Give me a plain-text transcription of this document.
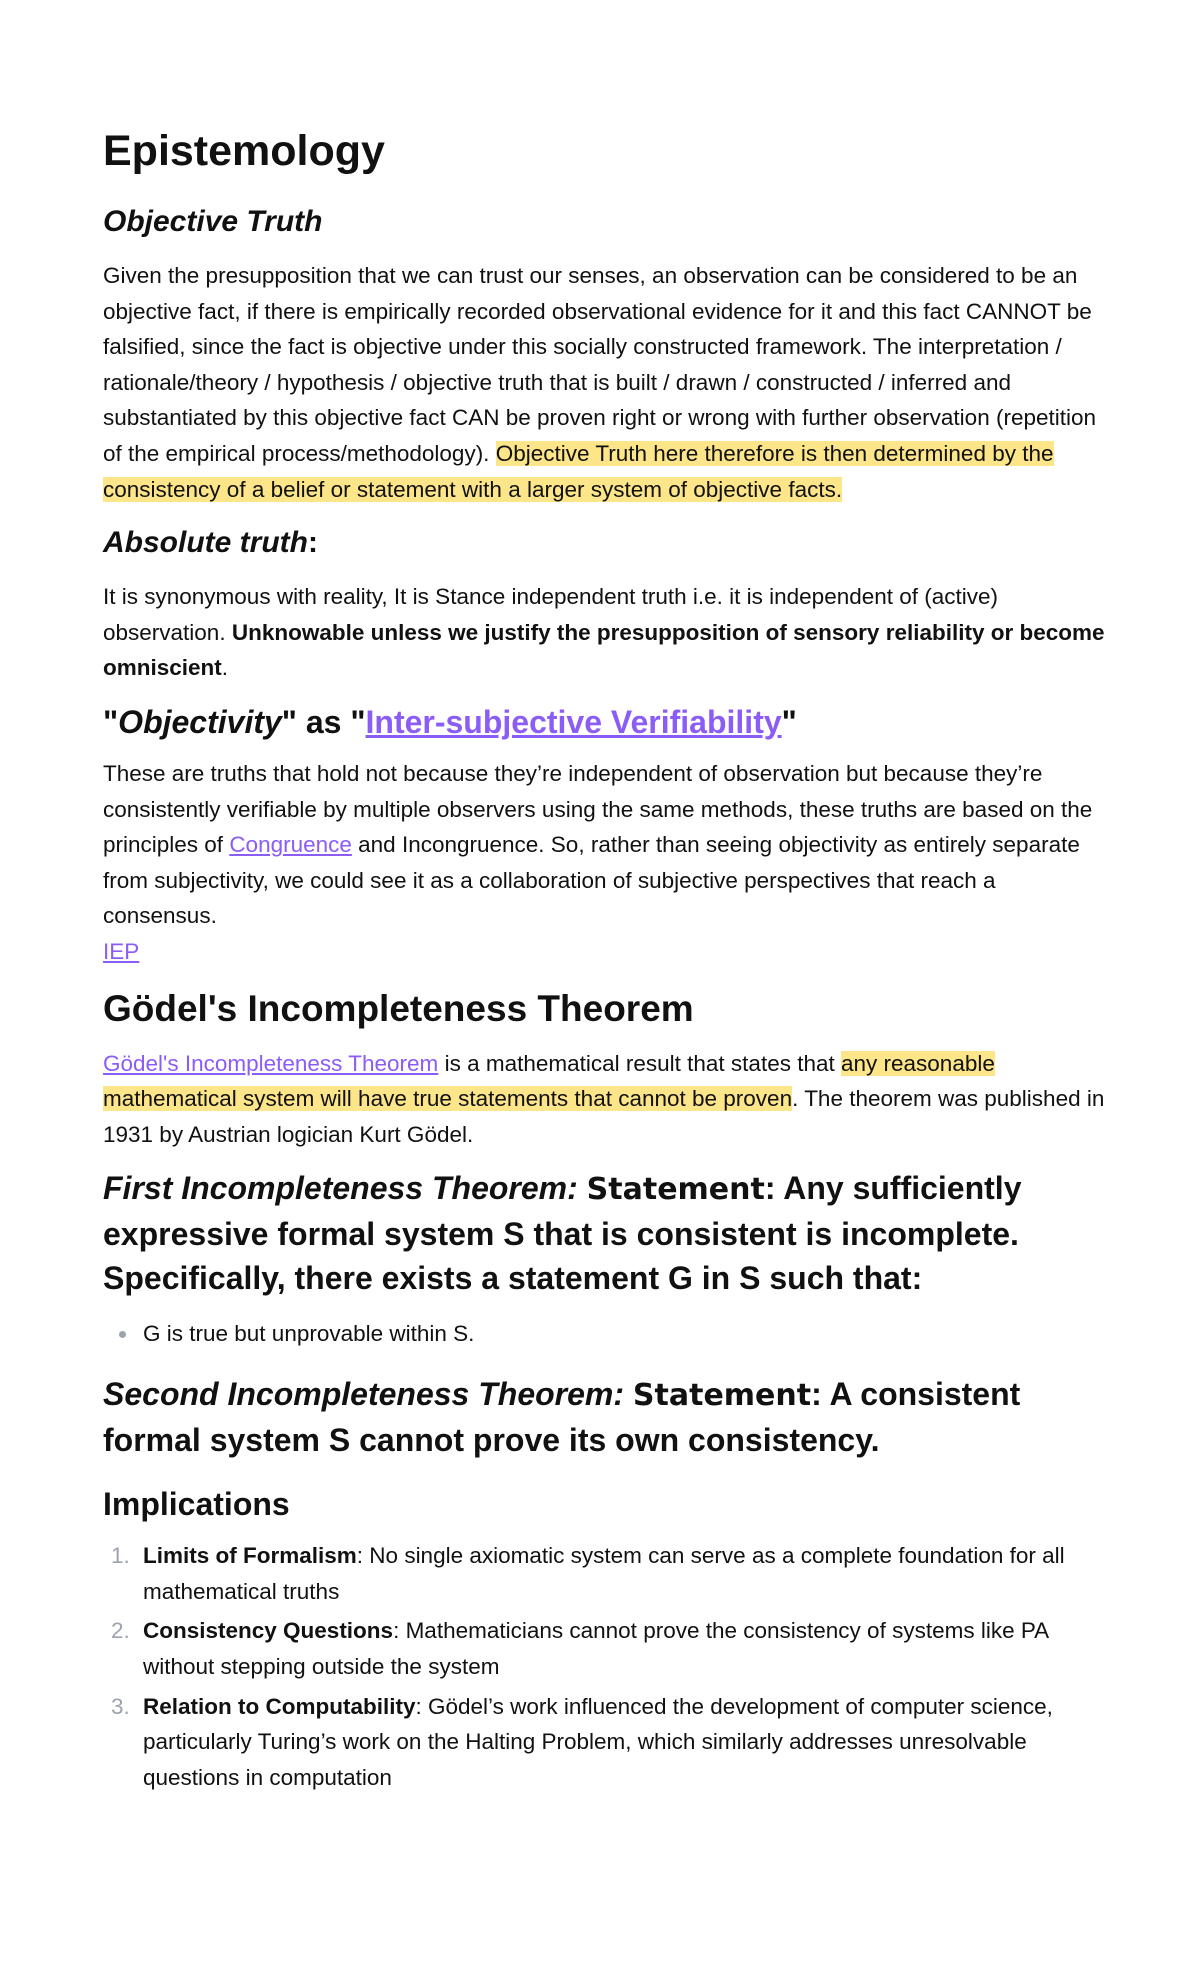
Epistemology
Objective Truth

Given the presupposition that we can trust our senses, an observation can be considered to be an objective fact, if there is empirically recorded observational evidence for it and this fact CANNOT be falsified, since the fact is objective under this socially constructed framework. The interpretation / rationale/theory / hypothesis / objective truth that is built / drawn / constructed / inferred and substantiated by this objective fact CAN be proven right or wrong with further observation (repetition of the empirical process/methodology). Objective Truth here therefore is then determined by the consistency of a belief or statement with a larger system of objective facts.

Absolute truth:

It is synonymous with reality, It is Stance independent truth i.e. it is independent of (active) observation. Unknowable unless we justify the presupposition of sensory reliability or become omniscient.

"Objectivity" as "Inter-subjective Verifiability"

These are truths that hold not because they’re independent of observation but because they’re consistently verifiable by multiple observers using the same methods, these truths are based on the principles of Congruence and Incongruence. So, rather than seeing objectivity as entirely separate from subjectivity, we could see it as a collaboration of subjective perspectives that reach a consensus.
IEP

Gödel's Incompleteness Theorem

Gödel's Incompleteness Theorem is a mathematical result that states that any reasonable mathematical system will have true statements that cannot be proven. The theorem was published in 1931 by Austrian logician Kurt Gödel.

First Incompleteness Theorem: Statement: Any sufficiently expressive formal system S that is consistent is incomplete. Specifically, there exists a statement G in S such that:
G is true but unprovable within S.
Second Incompleteness Theorem: Statement: A consistent formal system S cannot prove its own consistency.
Implications
1. Limits of Formalism: No single axiomatic system can serve as a complete foundation for all mathematical truths
2. Consistency Questions: Mathematicians cannot prove the consistency of systems like PA without stepping outside the system
3. Relation to Computability: Gödel’s work influenced the development of computer science, particularly Turing’s work on the Halting Problem, which similarly addresses unresolvable questions in computation
